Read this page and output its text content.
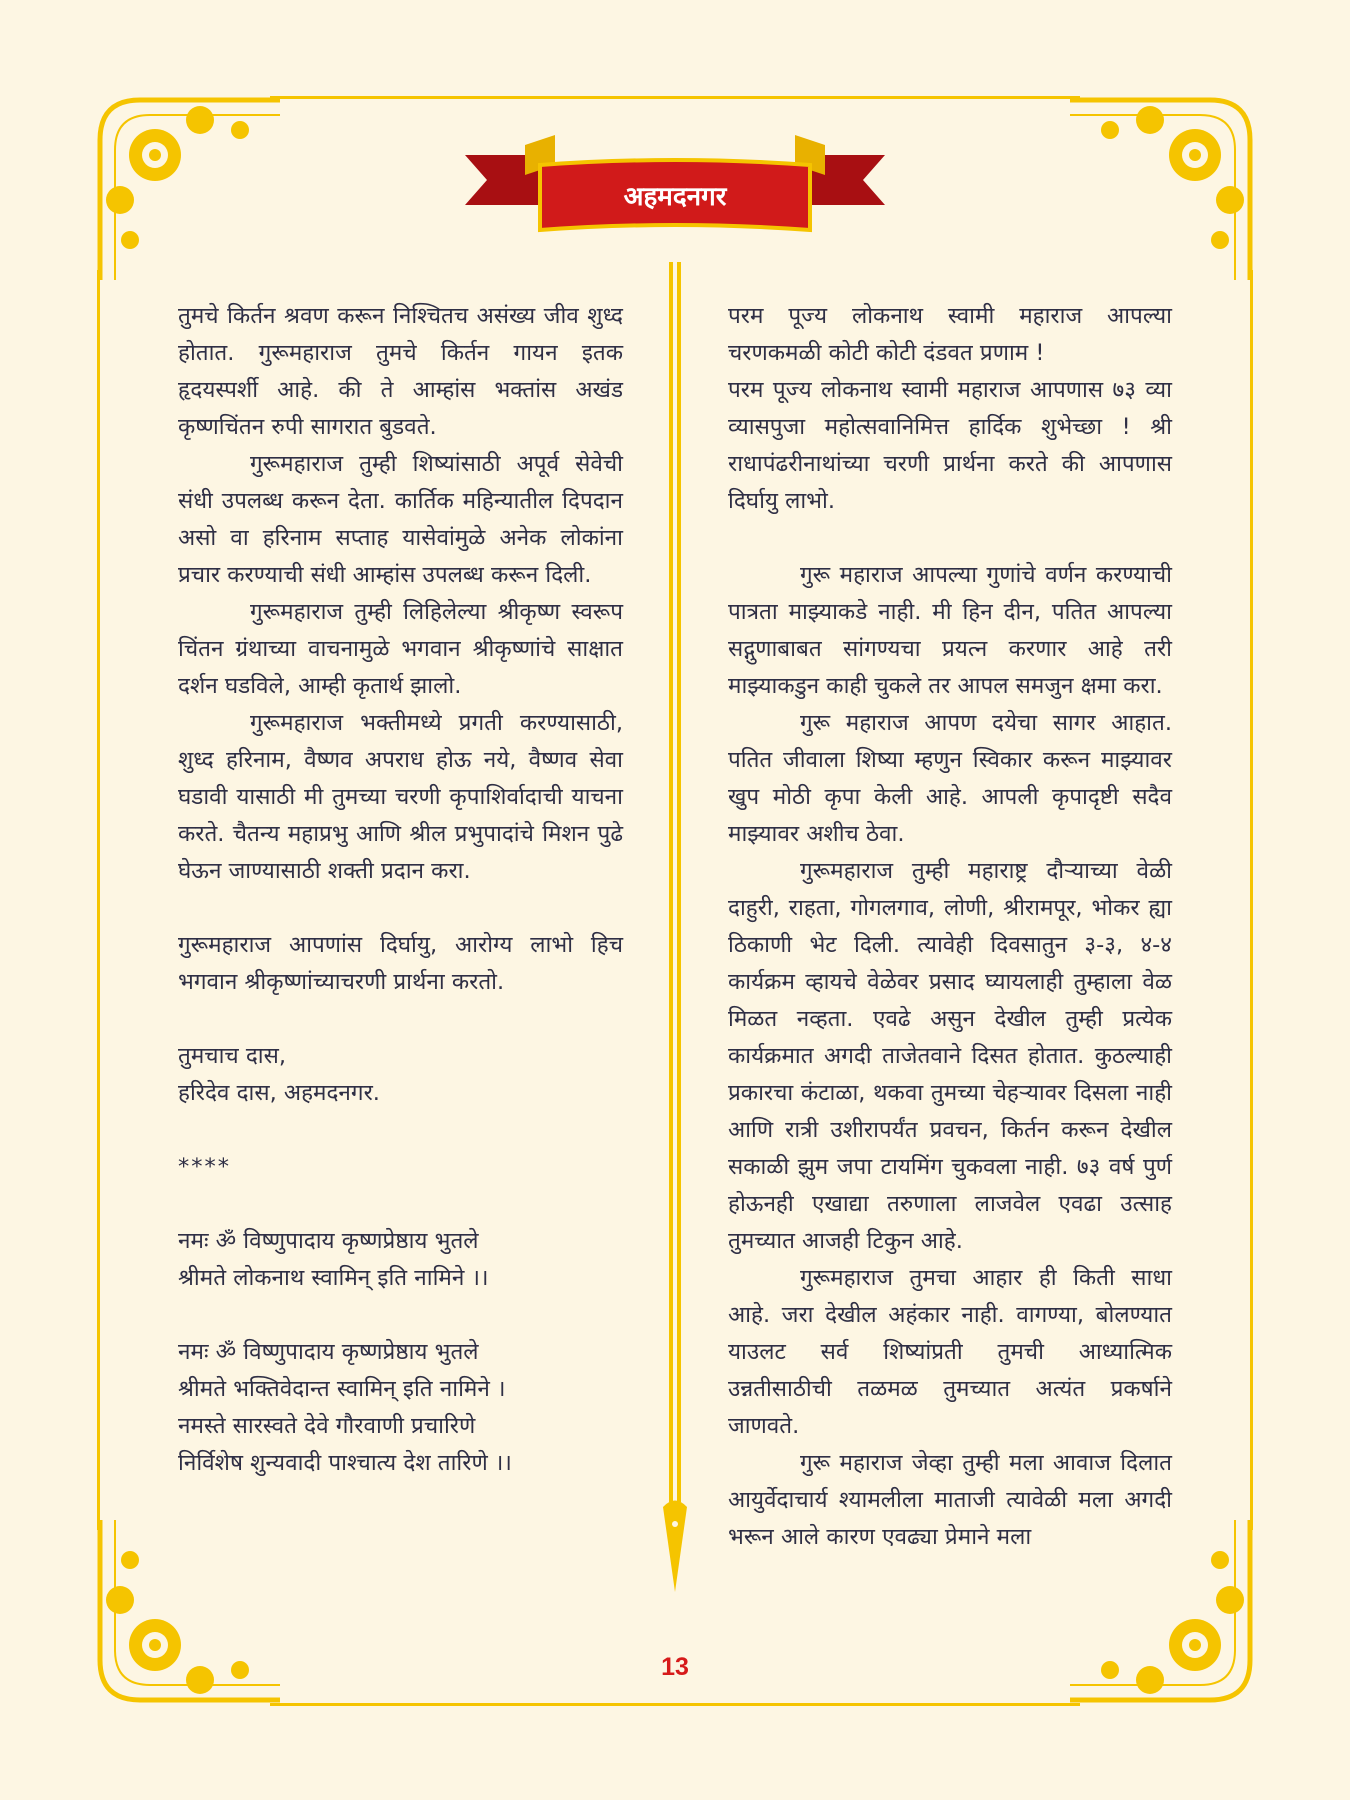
अहमदनगर

तुमचे किर्तन श्रवण करून निश्चितच असंख्य जीव शुध्द होतात. गुरूमहाराज तुमचे किर्तन गायन इतक हृदयस्पर्शी आहे. की ते आम्हांस भक्तांस अखंड कृष्णचिंतन रुपी सागरात बुडवते.

गुरूमहाराज तुम्ही शिष्यांसाठी अपूर्व सेवेची संधी उपलब्ध करून देता. कार्तिक महिन्यातील दिपदान असो वा हरिनाम सप्ताह यासेवांमुळे अनेक लोकांना प्रचार करण्याची संधी आम्हांस उपलब्ध करून दिली.

गुरूमहाराज तुम्ही लिहिलेल्या श्रीकृष्ण स्वरूप चिंतन ग्रंथाच्या वाचनामुळे भगवान श्रीकृष्णांचे साक्षात दर्शन घडविले, आम्ही कृतार्थ झालो.

गुरूमहाराज भक्तीमध्ये प्रगती करण्यासाठी, शुध्द हरिनाम, वैष्णव अपराध होऊ नये, वैष्णव सेवा घडावी यासाठी मी तुमच्या चरणी कृपाशिर्वादाची याचना करते. चैतन्य महाप्रभु आणि श्रील प्रभुपादांचे मिशन पुढे घेऊन जाण्यासाठी शक्ती प्रदान करा.

गुरूमहाराज आपणांस दिर्घायु, आरोग्य लाभो हिच भगवान श्रीकृष्णांच्याचरणी प्रार्थना करतो.

तुमचाच दास,

हरिदेव दास, अहमदनगर.

****

नमः ॐ विष्णुपादाय कृष्णप्रेष्ठाय भुतले

श्रीमते लोकनाथ स्वामिन् इति नामिने ।।

नमः ॐ विष्णुपादाय कृष्णप्रेष्ठाय भुतले

श्रीमते भक्तिवेदान्त स्वामिन् इति नामिने ।

नमस्ते सारस्वते देवे गौरवाणी प्रचारिणे

निर्विशेष शुन्यवादी पाश्चात्य देश तारिणे ।।

परम पूज्य लोकनाथ स्वामी महाराज आपल्या चरणकमळी कोटी कोटी दंडवत प्रणाम !

परम पूज्य लोकनाथ स्वामी महाराज आपणास ७३ व्या व्यासपुजा महोत्सवानिमित्त हार्दिक शुभेच्छा ! श्री राधापंढरीनाथांच्या चरणी प्रार्थना करते की आपणास दिर्घायु लाभो.

गुरू महाराज आपल्या गुणांचे वर्णन करण्याची पात्रता माझ्याकडे नाही. मी हिन दीन, पतित आपल्या सद्गुणाबाबत सांगण्यचा प्रयत्न करणार आहे तरी माझ्याकडुन काही चुकले तर आपल समजुन क्षमा करा.

गुरू महाराज आपण दयेचा सागर आहात. पतित जीवाला शिष्या म्हणुन स्विकार करून माझ्यावर खुप मोठी कृपा केली आहे. आपली कृपादृष्टी सदैव माझ्यावर अशीच ठेवा.

गुरूमहाराज तुम्ही महाराष्ट्र दौऱ्याच्या वेळी दाहुरी, राहता, गोगलगाव, लोणी, श्रीरामपूर, भोकर ह्या ठिकाणी भेट दिली. त्यावेही दिवसातुन ३-३, ४-४ कार्यक्रम व्हायचे वेळेवर प्रसाद घ्यायलाही तुम्हाला वेळ मिळत नव्हता. एवढे असुन देखील तुम्ही प्रत्येक कार्यक्रमात अगदी ताजेतवाने दिसत होतात. कुठल्याही प्रकारचा कंटाळा, थकवा तुमच्या चेहऱ्यावर दिसला नाही आणि रात्री उशीरापर्यंत प्रवचन, किर्तन करून देखील सकाळी झुम जपा टायमिंग चुकवला नाही. ७३ वर्ष पुर्ण होऊनही एखाद्या तरुणाला लाजवेल एवढा उत्साह तुमच्यात आजही टिकुन आहे.

गुरूमहाराज तुमचा आहार ही किती साधा आहे. जरा देखील अहंकार नाही. वागण्या, बोलण्यात याउलट सर्व शिष्यांप्रती तुमची आध्यात्मिक उन्नतीसाठीची तळमळ तुमच्यात अत्यंत प्रकर्षाने जाणवते.

गुरू महाराज जेव्हा तुम्ही मला आवाज दिलात आयुर्वेदाचार्य श्यामलीला माताजी त्यावेळी मला अगदी भरून आले कारण एवढ्या प्रेमाने मला

13
